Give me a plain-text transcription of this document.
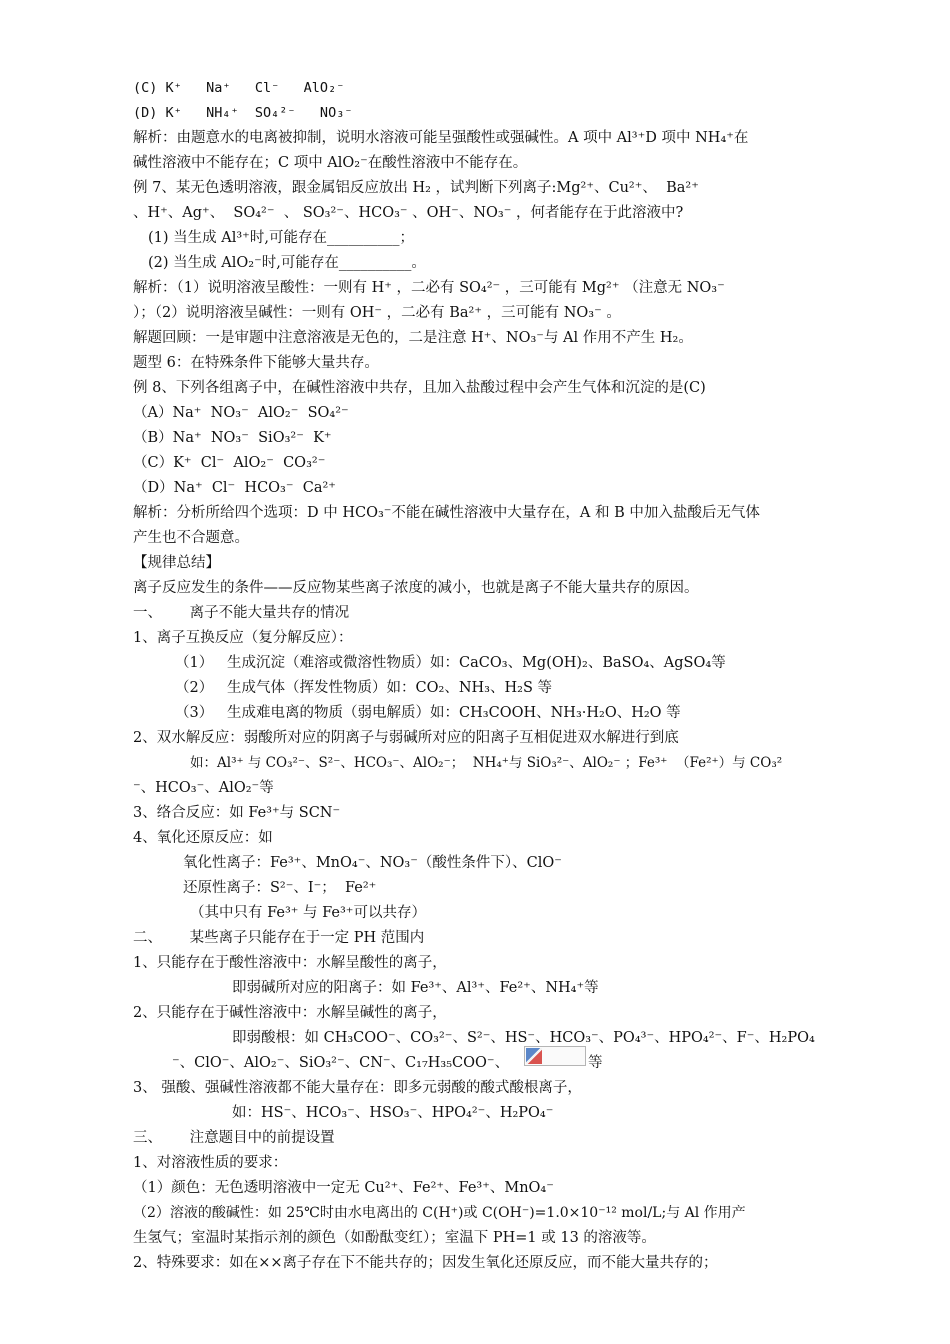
(C) K⁺   Na⁺   Cl⁻   AlO₂⁻
(D) K⁺   NH₄⁺  SO₄²⁻   NO₃⁻
解析：由题意水的电离被抑制，说明水溶液可能呈强酸性或强碱性。A 项中 Al³⁺D 项中 NH₄⁺在
碱性溶液中不能存在；C 项中 AlO₂⁻在酸性溶液中不能存在。
例 7、某无色透明溶液，跟金属铝反应放出 H₂ ，试判断下列离子:Mg²⁺、Cu²⁺、  Ba²⁺
、H⁺、Ag⁺、  SO₄²⁻  、 SO₃²⁻、HCO₃⁻ 、OH⁻、NO₃⁻ ，何者能存在于此溶液中?
(1) 当生成 Al³⁺时,可能存在__________；
(2) 当生成 AlO₂⁻时,可能存在__________。
解析：（1）说明溶液呈酸性：一则有 H⁺ ，二必有 SO₄²⁻ ，三可能有 Mg²⁺ （注意无 NO₃⁻
）；（2）说明溶液呈碱性：一则有 OH⁻ ，二必有 Ba²⁺ ，三可能有 NO₃⁻ 。
解题回顾：一是审题中注意溶液是无色的，二是注意 H⁺、NO₃⁻与 Al 作用不产生 H₂。
题型 6：在特殊条件下能够大量共存。
例 8、下列各组离子中，在碱性溶液中共存，且加入盐酸过程中会产生气体和沉淀的是(C)
（A）Na⁺  NO₃⁻  AlO₂⁻  SO₄²⁻
（B）Na⁺  NO₃⁻  SiO₃²⁻  K⁺
（C）K⁺  Cl⁻  AlO₂⁻  CO₃²⁻
（D）Na⁺  Cl⁻  HCO₃⁻  Ca²⁺
解析：分析所给四个选项：D 中 HCO₃⁻不能在碱性溶液中大量存在，A 和 B 中加入盐酸后无气体
产生也不合题意。
【规律总结】
离子反应发生的条件——反应物某些离子浓度的减小，也就是离子不能大量共存的原因。
一、      离子不能大量共存的情况
1、离子互换反应（复分解反应）：
（1）   生成沉淀（难溶或微溶性物质）如：CaCO₃、Mg(OH)₂、BaSO₄、AgSO₄等
（2）   生成气体（挥发性物质）如：CO₂、NH₃、H₂S 等
（3）   生成难电离的物质（弱电解质）如：CH₃COOH、NH₃·H₂O、H₂O 等
2、双水解反应：弱酸所对应的阴离子与弱碱所对应的阳离子互相促进双水解进行到底
如：Al³⁺ 与 CO₃²⁻、S²⁻、HCO₃⁻、AlO₂⁻；  NH₄⁺与 SiO₃²⁻、AlO₂⁻ ；Fe³⁺  （Fe²⁺）与 CO₃²
⁻、HCO₃⁻、AlO₂⁻等
3、络合反应：如 Fe³⁺与 SCN⁻
4、氧化还原反应：如
氧化性离子：Fe³⁺、MnO₄⁻、NO₃⁻（酸性条件下）、ClO⁻
还原性离子：S²⁻、I⁻；  Fe²⁺
（其中只有 Fe³⁺ 与 Fe³⁺可以共存）
二、      某些离子只能存在于一定 PH 范围内
1、只能存在于酸性溶液中：水解呈酸性的离子，
即弱碱所对应的阳离子：如 Fe³⁺、Al³⁺、Fe²⁺、NH₄⁺等
2、只能存在于碱性溶液中：水解呈碱性的离子，
即弱酸根：如 CH₃COO⁻、CO₃²⁻、S²⁻、HS⁻、HCO₃⁻、PO₄³⁻、HPO₄²⁻、F⁻、H₂PO₄
⁻、ClO⁻、AlO₂⁻、SiO₃²⁻、CN⁻、C₁₇H₃₅COO⁻、	等
3、 强酸、强碱性溶液都不能大量存在：即多元弱酸的酸式酸根离子，
如：HS⁻、HCO₃⁻、HSO₃⁻、HPO₄²⁻、H₂PO₄⁻
三、      注意题目中的前提设置
1、对溶液性质的要求：
（1）颜色：无色透明溶液中一定无 Cu²⁺、Fe²⁺、Fe³⁺、MnO₄⁻
（2）溶液的酸碱性：如 25℃时由水电离出的 C(H⁺)或 C(OH⁻)=1.0×10⁻¹² mol/L;与 Al 作用产
生氢气；室温时某指示剂的颜色（如酚酞变红）；室温下 PH=1 或 13 的溶液等。
2、特殊要求：如在××离子存在下不能共存的；因发生氧化还原反应，而不能大量共存的；
